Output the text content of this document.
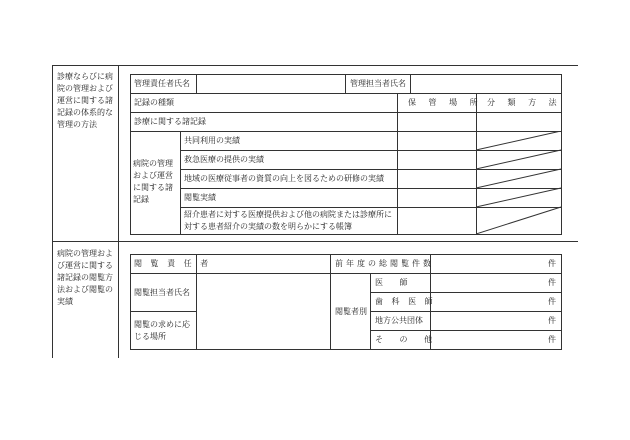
診療ならびに病院の管理および運営に関する諸記録の体系的な管理の方法
管理責任者氏名	管理担当者氏名
記録の種類	保 管 場 所 分 類 方 法
診療に関する諸記録
病院の管理および運営に関する諸記録
共同利用の実績
救急医療の提供の実績
地域の医療従事者の資質の向上を図るための研修の実績
閲覧実績
紹介患者に対する医療提供および他の病院または診療所に対する患者紹介の実績の数を明らかにする帳簿
病院の管理および運営に関する諸記録の閲覧方法および閲覧の実績
閲 覧 責 任 者
閲覧担当者氏名
閲覧の求めに応じる場所
前年度の総閲覧件数
閲覧者別
医 師
歯 科 医 師
地方公共団体
そ の 他
件
件
件
件
件
